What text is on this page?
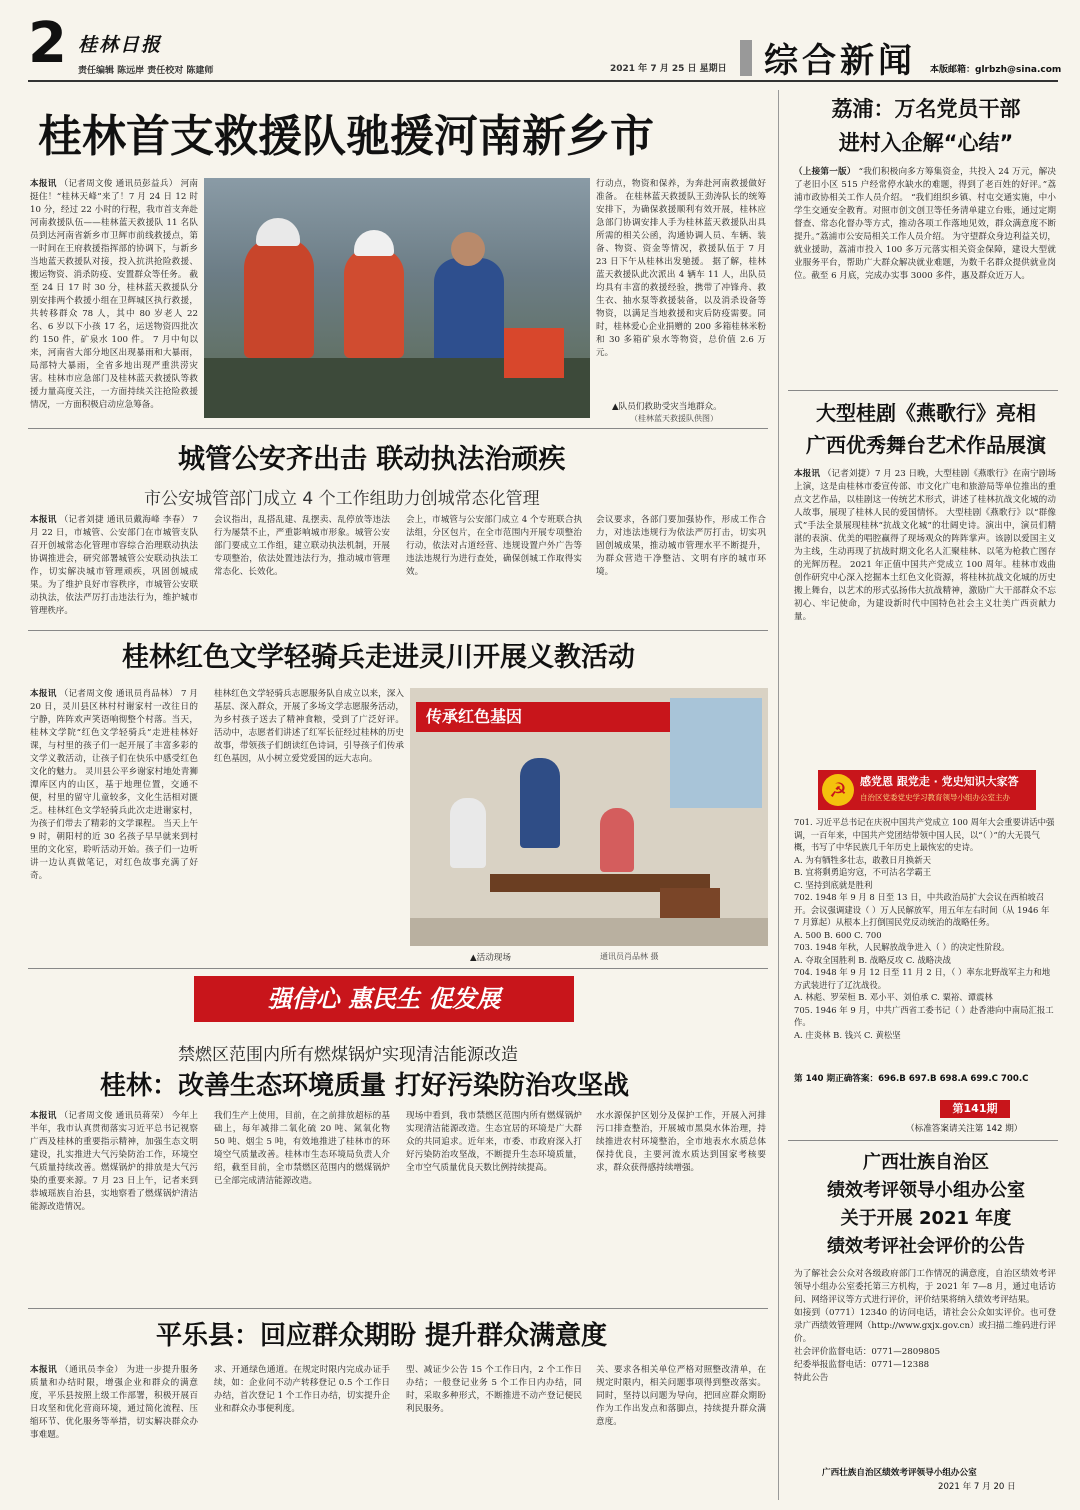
2 桂林日报
责任编辑 陈远岸 责任校对 陈建师	2021 年 7 月 25 日 星期日 综合新闻 本版邮箱：glrbzh@sina.com
桂林首支救援队驰援河南新乡市
本报讯 （记者周文俊 通讯员彭益兵） 河南挺住！“桂林天峰”来了！7 月 24 日 12 时 10 分，经过 22 小时的行程，我市首支奔赴河南救援队伍——桂林蓝天救援队 11 名队员到达河南省新乡市卫辉市前线救援点，第一时间在王府救援指挥部的协调下，与新乡当地蓝天救援队对接，投入抗洪抢险救援、搬运物资、消杀防疫、安置群众等任务。 截至 24 日 17 时 30 分，桂林蓝天救援队分别安排两个救援小组在卫辉城区执行救援，共转移群众 78 人，其中 80 岁老人 22 名、6 岁以下小孩 17 名，运送物资四批次约 150 件，矿泉水 100 件。 7 月中旬以来，河南省大部分地区出现暴雨和大暴雨，局部特大暴雨，全省多地出现严重洪涝灾害。桂林市应急部门及桂林蓝天救援队等救援力量高度关注，一方面持续关注抢险救援情况，一方面积极启动应急筹备。
行动点，物资和保养，为奔赴河南救援做好准备。 在桂林蓝天救援队王劲涛队长的统筹安排下，为确保救援顺利有效开展，桂林应急部门协调安排人手为桂林蓝天救援队出具所需的相关公函，沟通协调人员、车辆、装备、物资、资金等情况，救援队伍于 7 月 23 日下午从桂林出发驰援。 据了解，桂林蓝天救援队此次派出 4 辆车 11 人，出队员均具有丰富的救援经验，携带了冲锋舟、救生衣、抽水泵等救援装备，以及消杀设备等物资，以满足当地救援和灾后防疫需要。同时，桂林爱心企业捐赠的 200 多箱桂林米粉和 30 多箱矿泉水等物资，总价值 2.6 万元。
▲队员们救助受灾当地群众。
（桂林蓝天救援队供图）
城管公安齐出击 联动执法治顽疾
市公安城管部门成立 4 个工作组助力创城常态化管理
本报讯 （记者刘捷 通讯员戴海峰 李春） 7 月 22 日，市城管、公安部门在市城管支队召开创城常态化管理市容综合治理联动执法协调推进会，研究部署城管公安联动执法工作，切实解决城市管理顽疾，巩固创城成果。为了维护良好市容秩序，市城管公安联动执法，依法严厉打击违法行为，维护城市管理秩序。
会议指出，乱搭乱建、乱摆卖、乱停放等违法行为屡禁不止，严重影响城市形象。城管公安部门要成立工作组，建立联动执法机制，开展专项整治，依法处置违法行为，推动城市管理常态化、长效化。
会上，市城管与公安部门成立 4 个专班联合执法组，分区包片，在全市范围内开展专项整治行动，依法对占道经营、违规设置户外广告等违法违规行为进行查处，确保创城工作取得实效。
会议要求，各部门要加强协作，形成工作合力，对违法违规行为依法严厉打击，切实巩固创城成果，推动城市管理水平不断提升，为群众营造干净整洁、文明有序的城市环境。
桂林红色文学轻骑兵走进灵川开展义教活动
本报讯 （记者周文俊 通讯员肖品林） 7 月 20 日，灵川县区林村村谢家村一改往日的宁静，阵阵欢声笑语响彻整个村落。当天，桂林文学院“红色文学轻骑兵”走进桂林好课，与村里的孩子们一起开展了丰富多彩的文学义教活动，让孩子们在快乐中感受红色文化的魅力。 灵川县公平乡谢家村地处青狮潭库区内的山区，基于地理位置，交通不便，村里的留守儿童较多，文化生活相对匮乏。桂林红色文学轻骑兵此次走进谢家村，为孩子们带去了精彩的文学课程。 当天上午 9 时，朝阳村的近 30 名孩子早早就来到村里的文化室，聆听活动开始。孩子们一边听讲一边认真做笔记，对红色故事充满了好奇。
桂林红色文学轻骑兵志愿服务队自成立以来，深入基层、深入群众，开展了多场文学志愿服务活动，为乡村孩子送去了精神食粮，受到了广泛好评。 活动中，志愿者们讲述了红军长征经过桂林的历史故事，带领孩子们朗读红色诗词，引导孩子们传承红色基因，从小树立爱党爱国的远大志向。
传承红色基因
▲活动现场	通讯员肖品林 摄
强信心 惠民生 促发展
禁燃区范围内所有燃煤锅炉实现清洁能源改造
桂林：改善生态环境质量 打好污染防治攻坚战
本报讯 （记者周文俊 通讯员蒋荣） 今年上半年，我市认真贯彻落实习近平总书记视察广西及桂林的重要指示精神，加强生态文明建设，扎实推进大气污染防治工作，环境空气质量持续改善。燃煤锅炉的排放是大气污染的重要来源。7 月 23 日上午，记者来到恭城瑶族自治县，实地察看了燃煤锅炉清洁能源改造情况。
我们生产上使用，目前，在之前排放超标的基础上，每年减排二氧化硫 20 吨、氮氧化物 50 吨、烟尘 5 吨，有效地推进了桂林市的环境空气质量改善。桂林市生态环境局负责人介绍，截至目前，全市禁燃区范围内的燃煤锅炉已全部完成清洁能源改造。
现场中看到，我市禁燃区范围内所有燃煤锅炉实现清洁能源改造。生态宜居的环境是广大群众的共同追求。近年来，市委、市政府深入打好污染防治攻坚战，不断提升生态环境质量，全市空气质量优良天数比例持续提高。
水水源保护区划分及保护工作，开展入河排污口排查整治，开展城市黑臭水体治理，持续推进农村环境整治，全市地表水水质总体保持优良，主要河流水质达到国家考核要求，群众获得感持续增强。
平乐县：回应群众期盼 提升群众满意度
本报讯 （通讯员李金） 为进一步提升服务质量和办结时限，增强企业和群众的满意度，平乐县按照上级工作部署，积极开展百日攻坚和优化营商环境，通过简化流程、压缩环节、优化服务等举措，切实解决群众办事难题。
求、开通绿色通道。在规定时限内完成办证手续，如：企业问不动产转移登记 0.5 个工作日办结，首次登记 1 个工作日办结，切实提升企业和群众办事便利度。
型、减证少公告 15 个工作日内，2 个工作日办结；一般登记业务 5 个工作日内办结，同时，采取多种形式，不断推进不动产登记便民利民服务。
关、要求各相关单位严格对照整改清单，在规定时限内，相关问题事项得到整改落实。同时，坚持以问题为导向，把回应群众期盼作为工作出发点和落脚点，持续提升群众满意度。
荔浦：万名党员干部
进村入企解“心结”
（上接第一版） “我们积极向多方筹集资金，共投入 24 万元，解决了老旧小区 515 户经常停水缺水的难题，得到了老百姓的好评。”荔浦市政协相关工作人员介绍。 “我们组织乡镇、村屯交通实施，中小学生交通安全教育。对照市创文创卫等任务清单建立台账，通过定期督查、常态化督办等方式，推动各项工作落地见效，群众满意度不断提升。”荔浦市公安局相关工作人员介绍。 为守望群众身边利益关切，就业援助，荔浦市投入 100 多万元落实相关资金保障，建设大型就业服务平台，帮助广大群众解决就业难题，为数千名群众提供就业岗位。截至 6 月底，完成办实事 3000 多件，惠及群众近万人。
大型桂剧《燕歌行》亮相
广西优秀舞台艺术作品展演
本报讯 （记者刘捷）7 月 23 日晚，大型桂剧《燕歌行》在南宁剧场上演，这是由桂林市委宣传部、市文化广电和旅游局等单位推出的重点文艺作品，以桂剧这一传统艺术形式，讲述了桂林抗战文化城的动人故事，展现了桂林人民的爱国情怀。 大型桂剧《燕歌行》以“群像式”手法全景展现桂林“抗战文化城”的壮阔史诗。演出中，演员们精湛的表演、优美的唱腔赢得了现场观众的阵阵掌声。该剧以爱国主义为主线，生动再现了抗战时期文化名人汇聚桂林、以笔为枪救亡图存的光辉历程。 2021 年正值中国共产党成立 100 周年。桂林市戏曲创作研究中心深入挖掘本土红色文化资源，将桂林抗战文化城的历史搬上舞台，以艺术的形式弘扬伟大抗战精神，激励广大干部群众不忘初心、牢记使命，为建设新时代中国特色社会主义壮美广西贡献力量。
☭	感党恩 跟党走 · 党史知识大家答
自治区党委党史学习教育领导小组办公室主办
701. 习近平总书记在庆祝中国共产党成立 100 周年大会重要讲话中强调，一百年来，中国共产党团结带领中国人民，以“（ ）”的大无畏气概，书写了中华民族几千年历史上最恢宏的史诗。
A. 为有牺牲多壮志，敢教日月换新天
B. 宜将剩勇追穷寇，不可沽名学霸王
C. 坚持到底就是胜利
702. 1948 年 9 月 8 日至 13 日，中共政治局扩大会议在西柏坡召开。会议强调建设（ ）万人民解放军，用五年左右时间（从 1946 年 7 月算起）从根本上打倒国民党反动统治的战略任务。
A. 500 B. 600 C. 700
703. 1948 年秋，人民解放战争进入（ ）的决定性阶段。
A. 夺取全国胜利 B. 战略反攻 C. 战略决战
704. 1948 年 9 月 12 日至 11 月 2 日，（ ）率东北野战军主力和地方武装进行了辽沈战役。
A. 林彪、罗荣桓 B. 邓小平、刘伯承 C. 粟裕、谭震林
705. 1946 年 9 月，中共广西省工委书记（ ）赴香港向中南局汇报工作。
A. 庄炎林 B. 钱兴 C. 黄松坚
第 140 期正确答案：696.B 697.B 698.A 699.C 700.C
第141期
（标准答案请关注第 142 期）
广西壮族自治区
绩效考评领导小组办公室
关于开展 2021 年度
绩效考评社会评价的公告
为了解社会公众对各级政府部门工作情况的满意度，自治区绩效考评领导小组办公室委托第三方机构，于 2021 年 7—8 月，通过电话访问、网络评议等方式进行评价，评价结果将纳入绩效考评结果。
如接到（0771）12340 的访问电话，请社会公众如实评价。也可登录广西绩效管理网（http://www.gxjx.gov.cn）或扫描二维码进行评价。
社会评价监督电话：0771—2809805
纪委举报监督电话：0771—12388
特此公告
广西壮族自治区绩效考评领导小组办公室
2021 年 7 月 20 日
